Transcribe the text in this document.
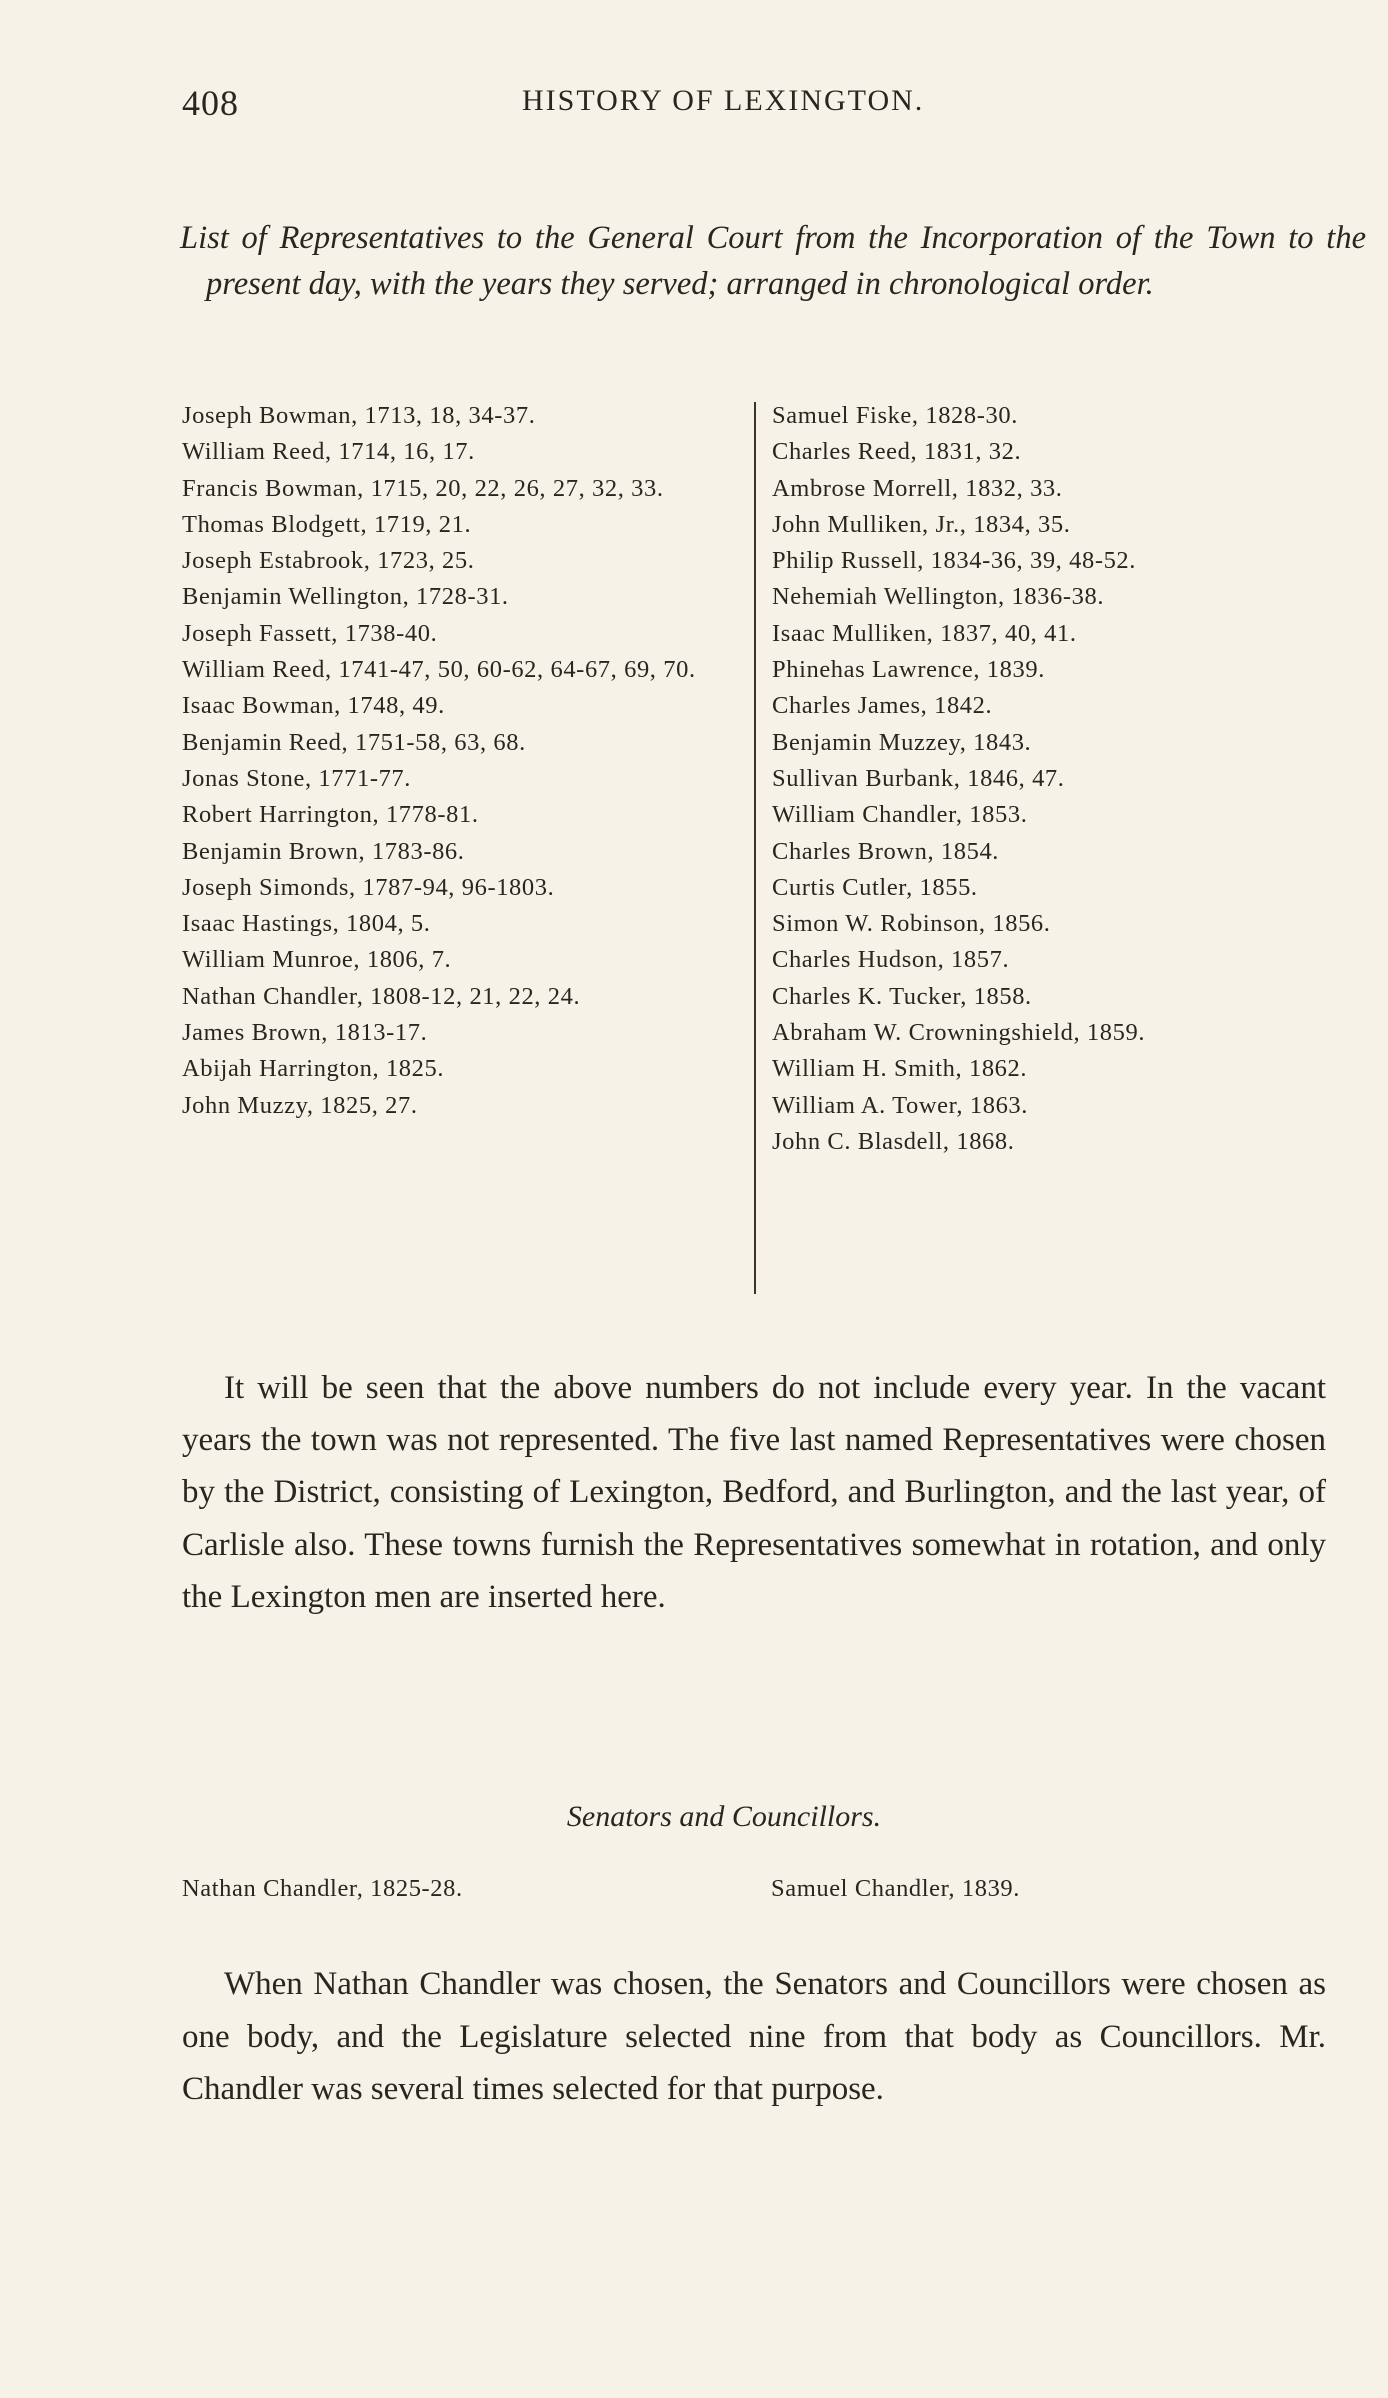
408	HISTORY OF LEXINGTON.
List of Representatives to the General Court from the Incorporation of the Town to the present day, with the years they served; arranged in chronological order.
Joseph Bowman, 1713, 18, 34-37.
William Reed, 1714, 16, 17.
Francis Bowman, 1715, 20, 22, 26, 27, 32, 33.
Thomas Blodgett, 1719, 21.
Joseph Estabrook, 1723, 25.
Benjamin Wellington, 1728-31.
Joseph Fassett, 1738-40.
William Reed, 1741-47, 50, 60-62, 64-67, 69, 70.
Isaac Bowman, 1748, 49.
Benjamin Reed, 1751-58, 63, 68.
Jonas Stone, 1771-77.
Robert Harrington, 1778-81.
Benjamin Brown, 1783-86.
Joseph Simonds, 1787-94, 96-1803.
Isaac Hastings, 1804, 5.
William Munroe, 1806, 7.
Nathan Chandler, 1808-12, 21, 22, 24.
James Brown, 1813-17.
Abijah Harrington, 1825.
John Muzzy, 1825, 27.
Samuel Fiske, 1828-30.
Charles Reed, 1831, 32.
Ambrose Morrell, 1832, 33.
John Mulliken, Jr., 1834, 35.
Philip Russell, 1834-36, 39, 48-52.
Nehemiah Wellington, 1836-38.
Isaac Mulliken, 1837, 40, 41.
Phinehas Lawrence, 1839.
Charles James, 1842.
Benjamin Muzzey, 1843.
Sullivan Burbank, 1846, 47.
William Chandler, 1853.
Charles Brown, 1854.
Curtis Cutler, 1855.
Simon W. Robinson, 1856.
Charles Hudson, 1857.
Charles K. Tucker, 1858.
Abraham W. Crowningshield, 1859.
William H. Smith, 1862.
William A. Tower, 1863.
John C. Blasdell, 1868.
It will be seen that the above numbers do not include every year. In the vacant years the town was not represented. The five last named Representatives were chosen by the District, consisting of Lexington, Bedford, and Burlington, and the last year, of Carlisle also. These towns furnish the Representatives somewhat in rotation, and only the Lexington men are inserted here.
Senators and Councillors.
Nathan Chandler, 1825-28.	Samuel Chandler, 1839.
When Nathan Chandler was chosen, the Senators and Councillors were chosen as one body, and the Legislature selected nine from that body as Councillors. Mr. Chandler was several times selected for that purpose.
